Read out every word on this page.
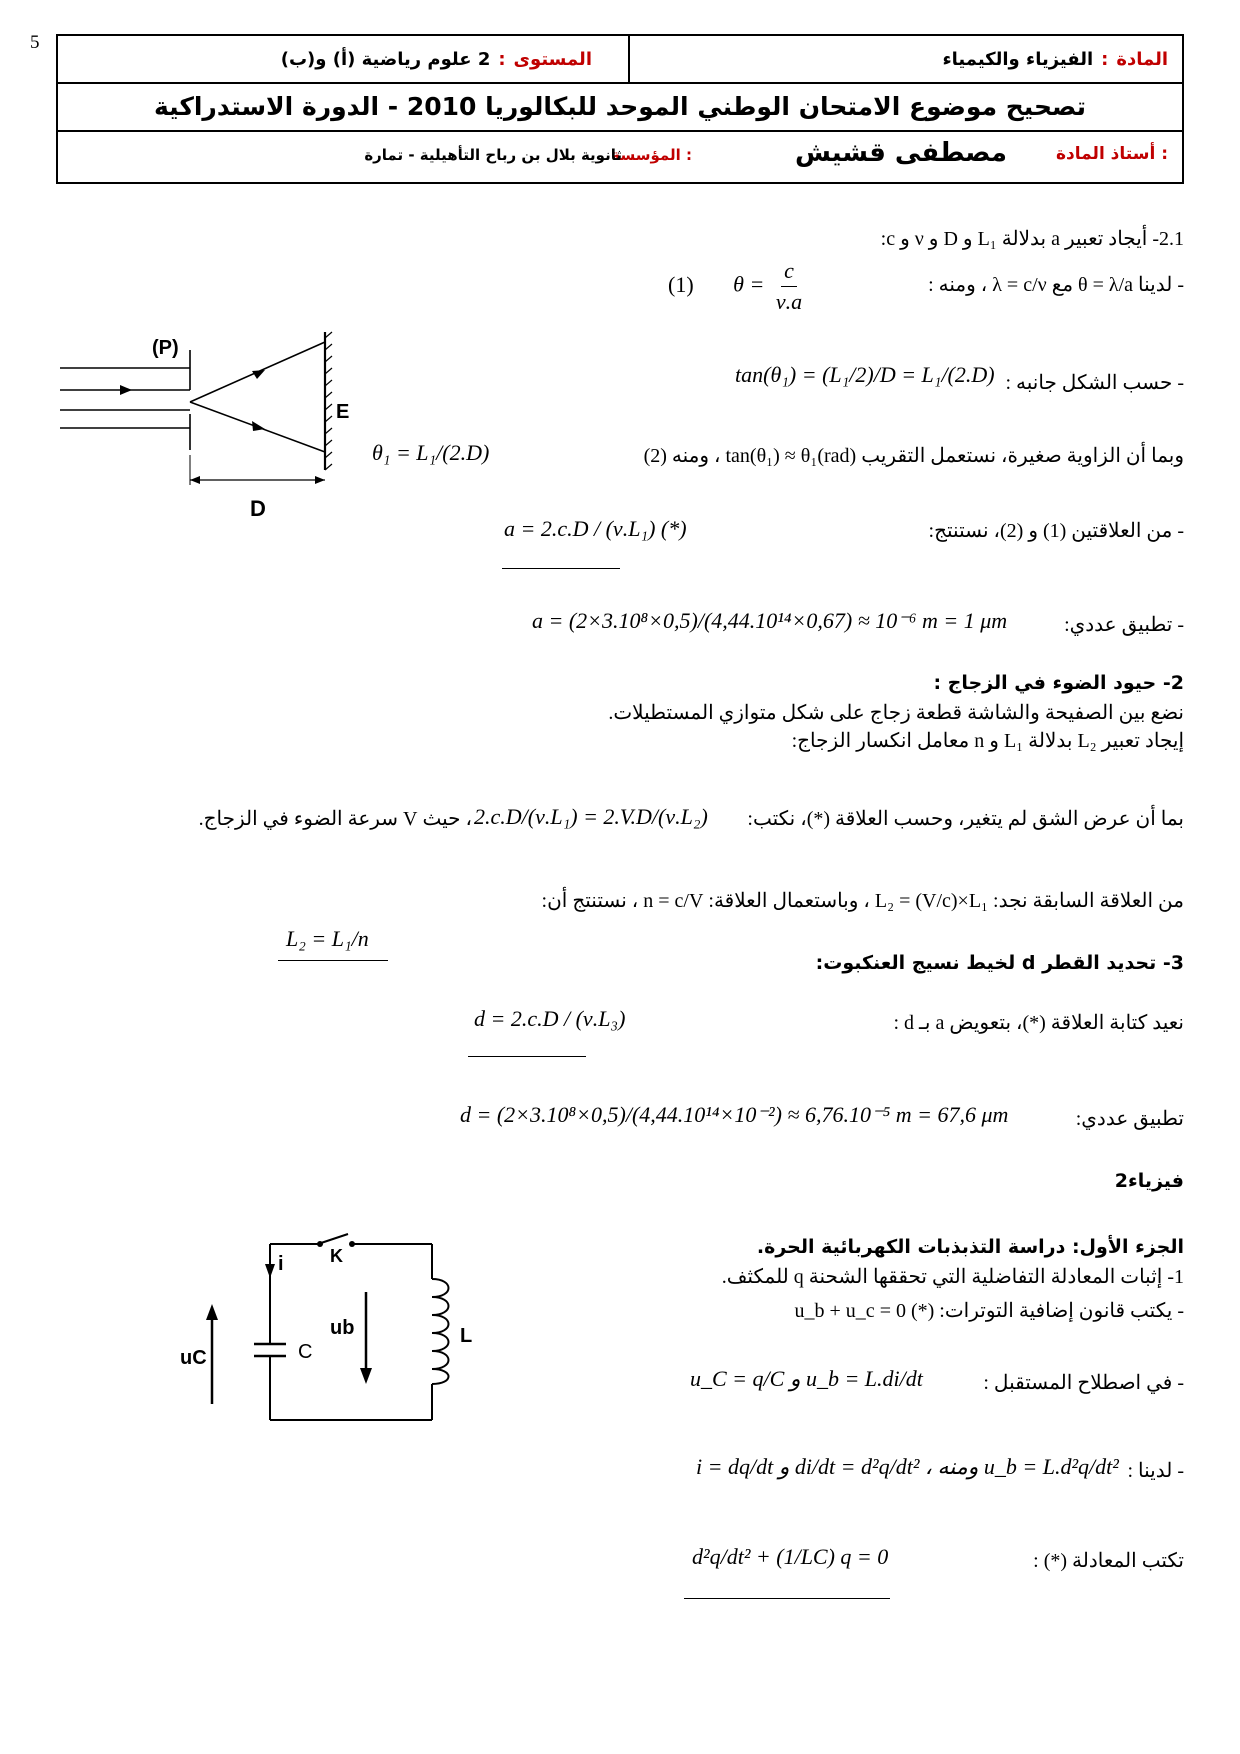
5
المادة
:
الفيزياء والكيمياء
المستوى
:
2 علوم رياضية (أ) و(ب)
تصحيح موضوع الامتحان الوطني الموحد للبكالوريا 2010 - الدورة الاستدراكية
أستاذ المادة :
مصطفى قشيش
المؤسسة :
ثانوية بلال بن رباح التأهيلية - تمارة
2.1- أيجاد تعبير a بدلالة L₁ و D و ν و c:
- لدينا θ = λ/a مع λ = c/ν ، ومنه :
(1) $\theta = \frac{c}{\nu.a}$
- حسب الشكل جانبه :
tan(θ₁) = (L₁/2)/D = L₁/(2.D)
وبما أن الزاوية صغيرة، نستعمل التقريب tan(θ₁) ≈ θ₁(rad) ، ومنه (2)
θ₁ = L₁/(2.D)
- من العلاقتين (1) و (2)، نستنتج:
a = 2.c.D / (ν.L₁) (*)
- تطبيق عددي:
a = (2×3.10⁸×0,5)/(4,44.10¹⁴×0,67) ≈ 10⁻⁶ m = 1 μm
(P)
E
D
2- حيود الضوء في الزجاج :
نضع بين الصفيحة والشاشة قطعة زجاج على شكل متوازي المستطيلات.
إيجاد تعبير L₂ بدلالة L₁ و n معامل انكسار الزجاج:
بما أن عرض الشق لم يتغير، وحسب العلاقة (*)، نكتب:
2.c.D/(ν.L₁) = 2.V.D/(ν.L₂)
، حيث V سرعة الضوء في الزجاج.
من العلاقة السابقة نجد: L₂ = (V/c)×L₁ ، وباستعمال العلاقة: n = c/V ، نستنتج أن:
L₂ = L₁/n
3- تحديد القطر d لخيط نسيج العنكبوت:
نعيد كتابة العلاقة (*)، بتعويض a بـ d :
d = 2.c.D / (ν.L₃)
تطبيق عددي:
d = (2×3.10⁸×0,5)/(4,44.10¹⁴×10⁻²) ≈ 6,76.10⁻⁵ m = 67,6 μm
فيزياء2
الجزء الأول: دراسة التذبذبات الكهربائية الحرة.
1- إثبات المعادلة التفاضلية التي تحققها الشحنة q للمكثف.
- يكتب قانون إضافية التوترات: (*) u_b + u_c = 0
- في اصطلاح المستقبل :
u_C = q/C و u_b = L.di/dt
- لدينا :
i = dq/dt و di/dt = d²q/dt² ، ومنه u_b = L.d²q/dt²
تكتب المعادلة (*) :
d²q/dt² + (1/LC) q = 0
K
i
uC	C
ub	L
